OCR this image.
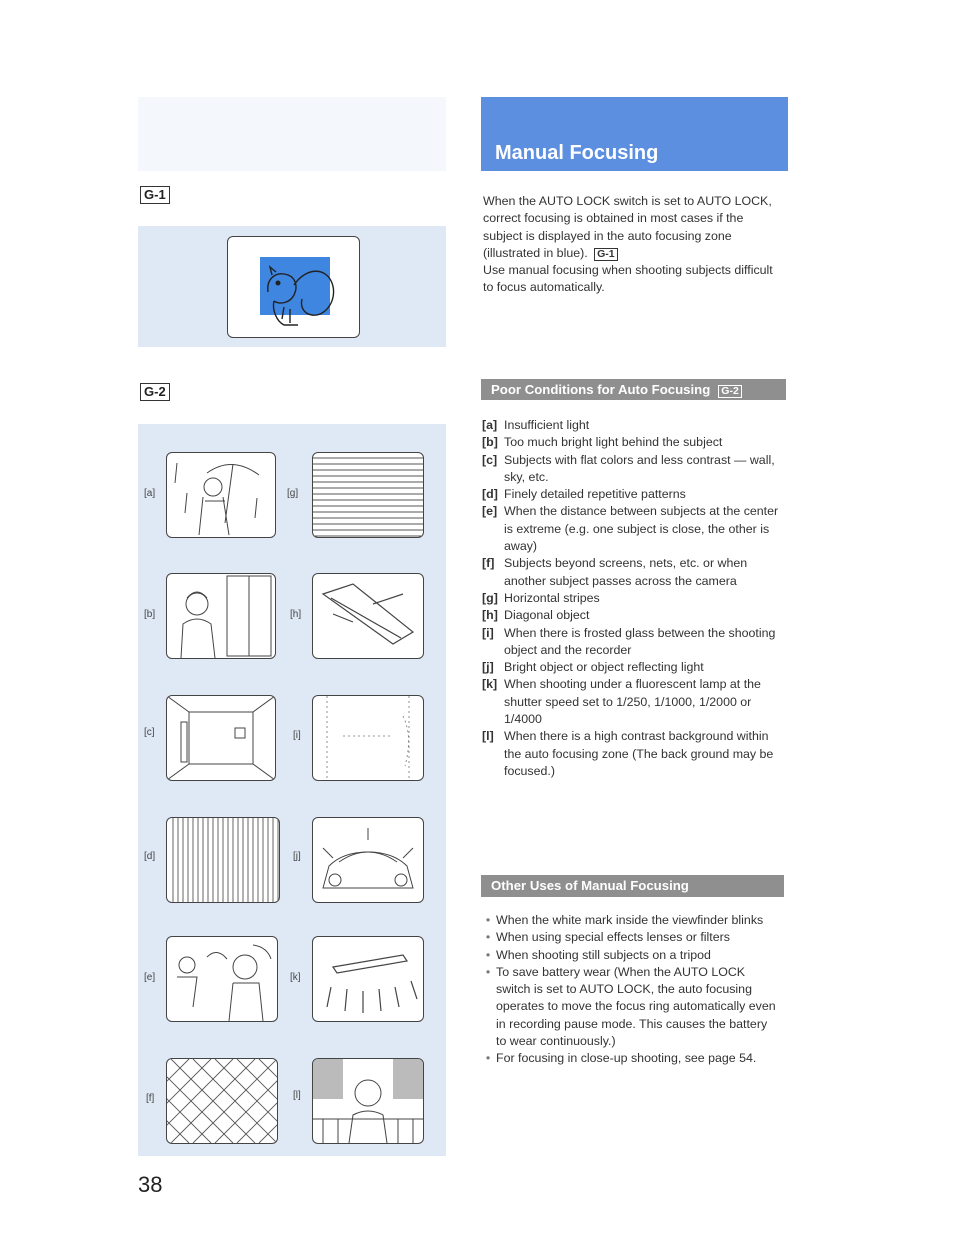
G-1
G-2
[a]	[g]
[b]	[h]
[c]	[i]
[d]	[j]
[e]	[k]
[f]	[l]
Manual Focusing
When the AUTO LOCK switch is set to AUTO LOCK, correct focusing is obtained in most cases if the subject is displayed in the auto focusing zone (illustrated in blue). G-1
Use manual focusing when shooting subjects difficult to focus automatically.
Poor Conditions for Auto Focusing G-2
[a] Insufficient light
[b] Too much bright light behind the subject
[c] Subjects with flat colors and less contrast — wall, sky, etc.
[d] Finely detailed repetitive patterns
[e] When the distance between subjects at the center is extreme (e.g. one subject is close, the other is away)
[f] Subjects beyond screens, nets, etc. or when another subject passes across the camera
[g] Horizontal stripes
[h] Diagonal object
[i] When there is frosted glass between the shooting object and the recorder
[j] Bright object or object reflecting light
[k] When shooting under a fluorescent lamp at the shutter speed set to 1/250, 1/1000, 1/2000 or 1/4000
[l] When there is a high contrast background within the auto focusing zone (The back ground may be focused.)
Other Uses of Manual Focusing
• When the white mark inside the viewfinder blinks
• When using special effects lenses or filters
• When shooting still subjects on a tripod
• To save battery wear (When the AUTO LOCK switch is set to AUTO LOCK, the auto focusing operates to move the focus ring automatically even in recording pause mode. This causes the battery to wear continuously.)
• For focusing in close-up shooting, see page 54.
38
